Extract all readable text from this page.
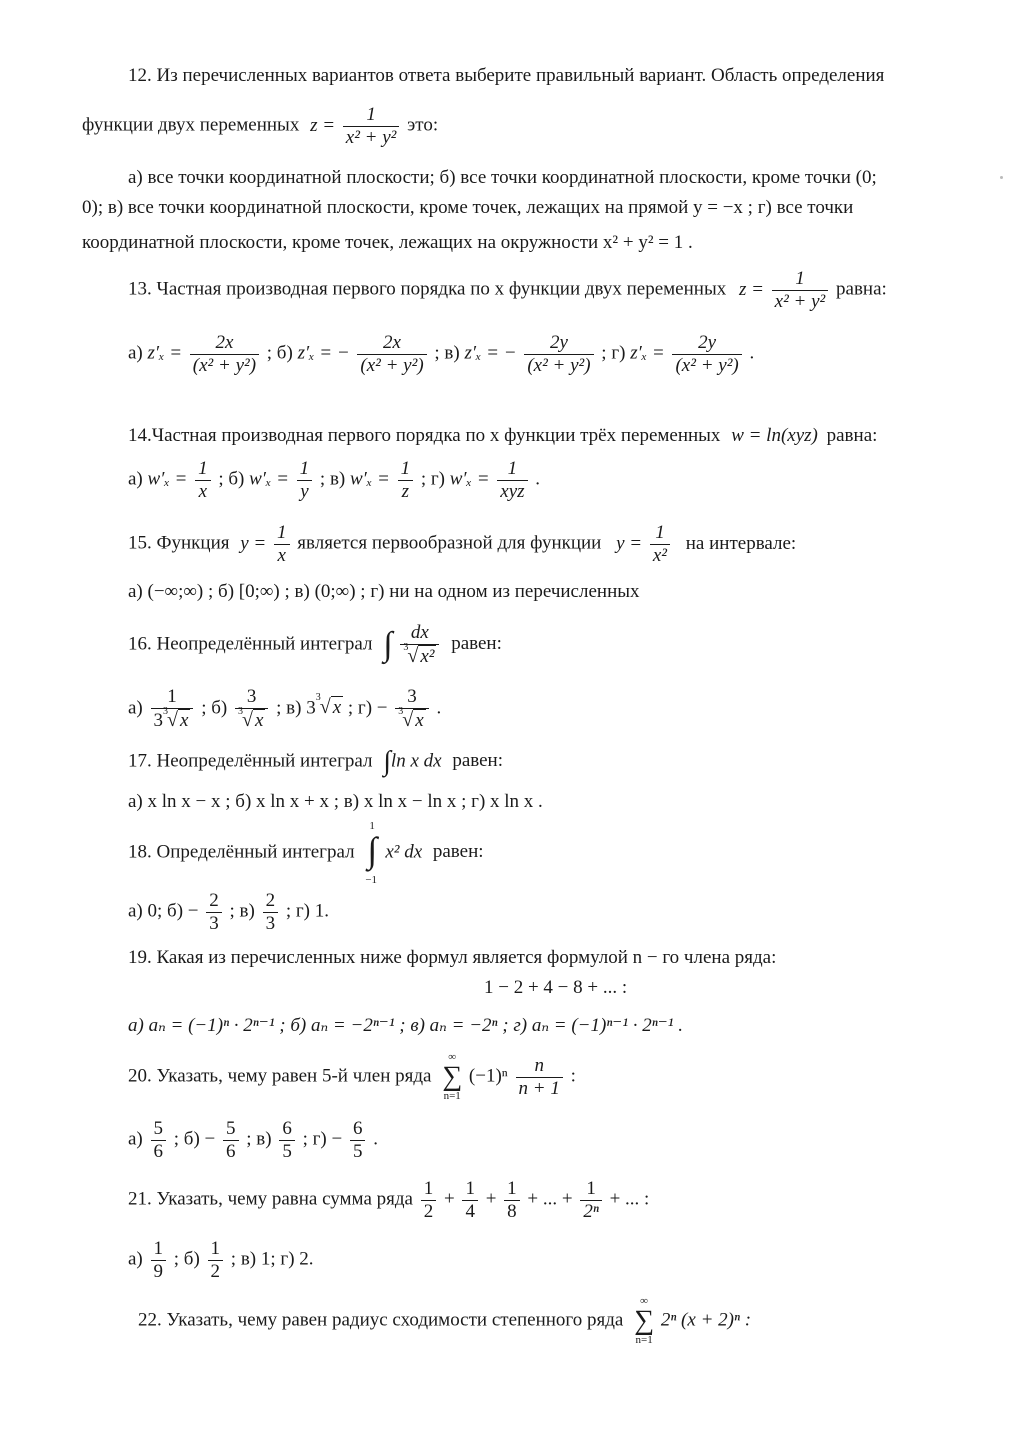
12. Из перечисленных вариантов ответа выберите правильный вариант. Область определения
функции двух переменных $z = \frac{1}{\text{x² + y²}}$ это:
а) все точки координатной плоскости; б) все точки координатной плоскости, кроме точки (0;
0); в) все точки координатной плоскости, кроме точек, лежащих на прямой y = −x ; г) все точки
координатной плоскости, кроме точек, лежащих на окружности x² + y² = 1 .
13. Частная производная первого порядка по x функции двух переменных $z = \frac{1}{\text{x² + y²}}$ равна:
а) $z'_x = \frac{2x}{\text{(x² + y²)}}$ ; б) z′ₓ = − $\frac{2x}{\text{(x² + y²)}}$ ; в) z′ₓ = − $\frac{2y}{\text{(x² + y²)}}$ ; г) $z'_x = \frac{2y}{\text{(x² + y²)}}$ .
14.Частная производная первого порядка по x функции трёх переменных w = ln(xyz) равна:
а) $w'_x = \frac{1}{x}$ ; б) $w'_x = \frac{1}{y}$ ; в) $w'_x = \frac{1}{z}$ ; г) w′ₓ =
1
xyz
.
15. Функция $y = \frac{1}{x}$ является первообразной для функции $y = \frac{1}{\text{x²}}$ на интервале:
а) (−∞;∞) ; б) [0;∞) ; в) (0;∞) ; г) ни на одном из перечисленных
16. Неопределённый интеграл ∫ dx
√ 3 x² равен:
а) 1
3
√ 3 x ; б) 3
√ 3 x ; в) 3
√ 3 x ; г) − 3
√ 3 x .
17. Неопределённый интеграл ∫ln x dx равен:
а) x ln x − x ; б) x ln x + x ; в) x ln x − ln x ; г) x ln x .
18. Определённый интеграл
1
∫
−1
x² dx равен:
а) 0; $б) - \frac{2}{3}$ ; $в) \frac{2}{3}$ ; г) 1.
19. Какая из перечисленных ниже формул является формулой n − го члена ряда:
1 − 2 + 4 − 8 + ... :
а) aₙ = (−1)ⁿ · 2ⁿ⁻¹ ; б) aₙ = −2ⁿ⁻¹ ; в) aₙ = −2ⁿ ; г) aₙ = (−1)ⁿ⁻¹ · 2ⁿ⁻¹ .
20. Указать, чему равен 5-й член ряда
∞
∑
n=1
$(-1)^n \frac{n}{n + 1}$ :
$а) \frac{5}{6}$ ; $б) - \frac{5}{6}$ ; $в) \frac{6}{5}$ ; $г) - \frac{6}{5}$ .
21. Указать, чему равна сумма ряда $\frac{1}{2} + \frac{1}{4} + \frac{1}{8}$ + ... + $\frac{1}{\text{2ⁿ}}$ + ... :
$а) \frac{1}{9}$ ; $б) \frac{1}{2}$ ; в) 1; г) 2.
22. Указать, чему равен радиус сходимости степенного ряда
∞
∑
n=1
2ⁿ (x + 2)ⁿ :
